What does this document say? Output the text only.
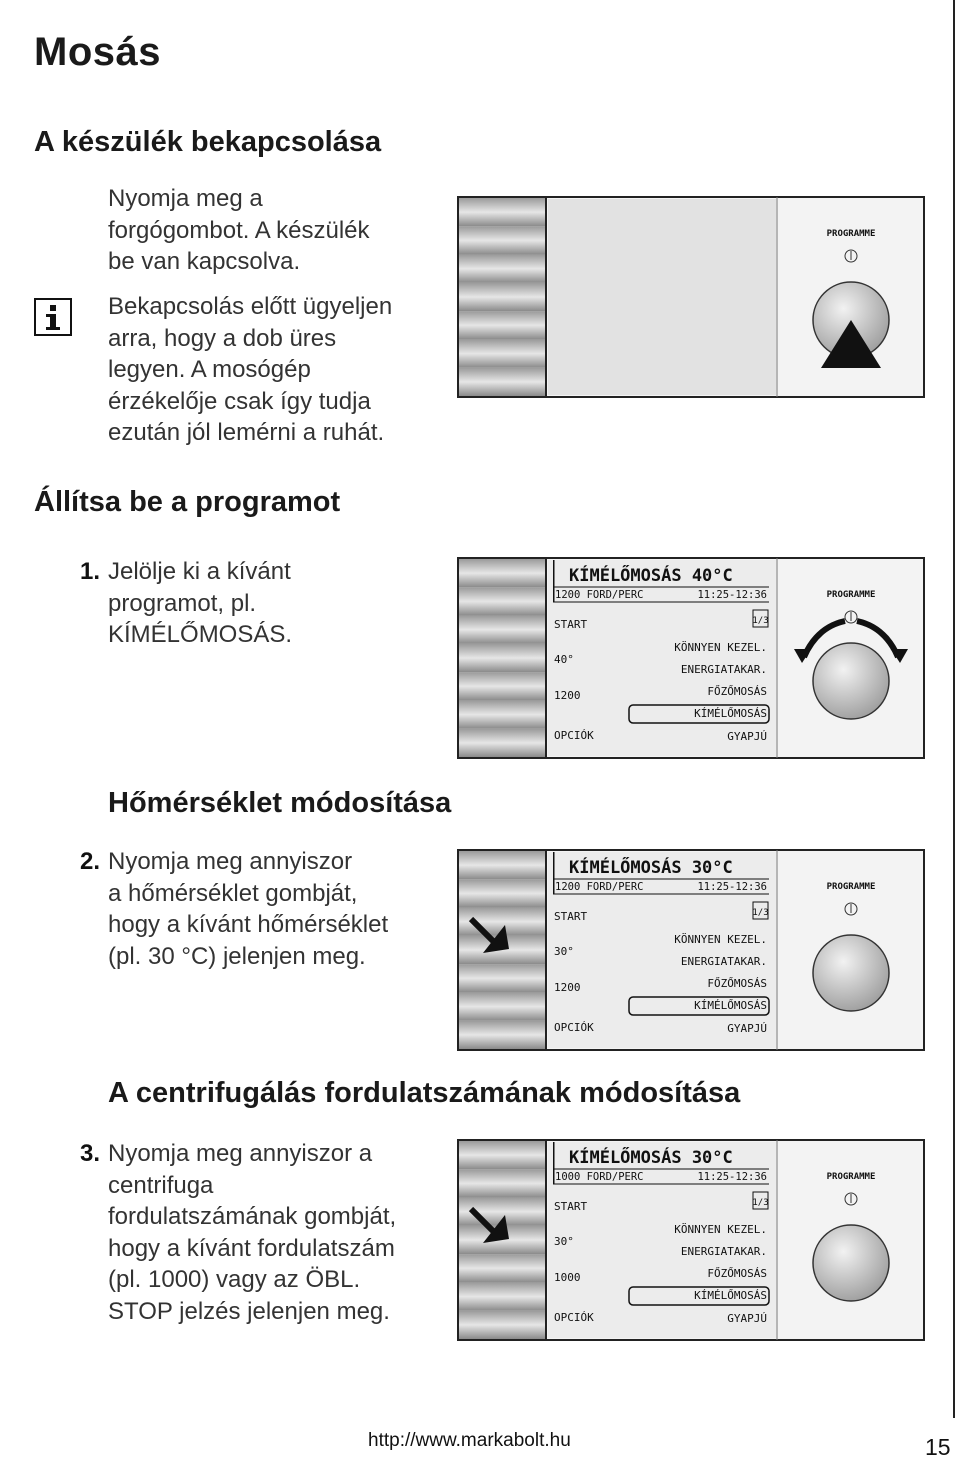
Mosás
A készülék bekapcsolása
Nyomja meg a
forgógombot. A készülék
be van kapcsolva.
Bekapcsolás előtt ügyeljen
arra, hogy a dob üres
legyen. A mosógép
érzékelője csak így tudja
ezután jól lemérni a ruhát.
Állítsa be a programot
1. Jelölje ki a kívánt
programot, pl.
KÍMÉLŐMOSÁS.
Hőmérséklet módosítása
2. Nyomja meg annyiszor
a hőmérséklet gombját,
hogy a kívánt hőmérséklet
(pl. 30 °C) jelenjen meg.
A centrifugálás fordulatszámának módosítása
3. Nyomja meg annyiszor a
centrifuga
fordulatszámának gombját,
hogy a kívánt fordulatszám
(pl. 1000) vagy az ÖBL.
STOP jelzés jelenjen meg.
PROGRAMME
KÍMÉLŐMOSÁS 40°C
1200 FORD/PERC	11:25-12:36
START
40°
1200
OPCIÓK
1/3
KÖNNYEN KEZEL.
ENERGIATAKAR.
FŐZŐMOSÁS
KÍMÉLŐMOSÁS
GYAPJÚ
PROGRAMME
KÍMÉLŐMOSÁS 30°C
1200 FORD/PERC	11:25-12:36
START
30°
1200
OPCIÓK
1/3
KÖNNYEN KEZEL.
ENERGIATAKAR.
FŐZŐMOSÁS
KÍMÉLŐMOSÁS
GYAPJÚ
PROGRAMME
KÍMÉLŐMOSÁS 30°C
1000 FORD/PERC	11:25-12:36
START
30°
1000
OPCIÓK
1/3
KÖNNYEN KEZEL.
ENERGIATAKAR.
FŐZŐMOSÁS
KÍMÉLŐMOSÁS
GYAPJÚ
PROGRAMME
http://www.markabolt.hu	15
